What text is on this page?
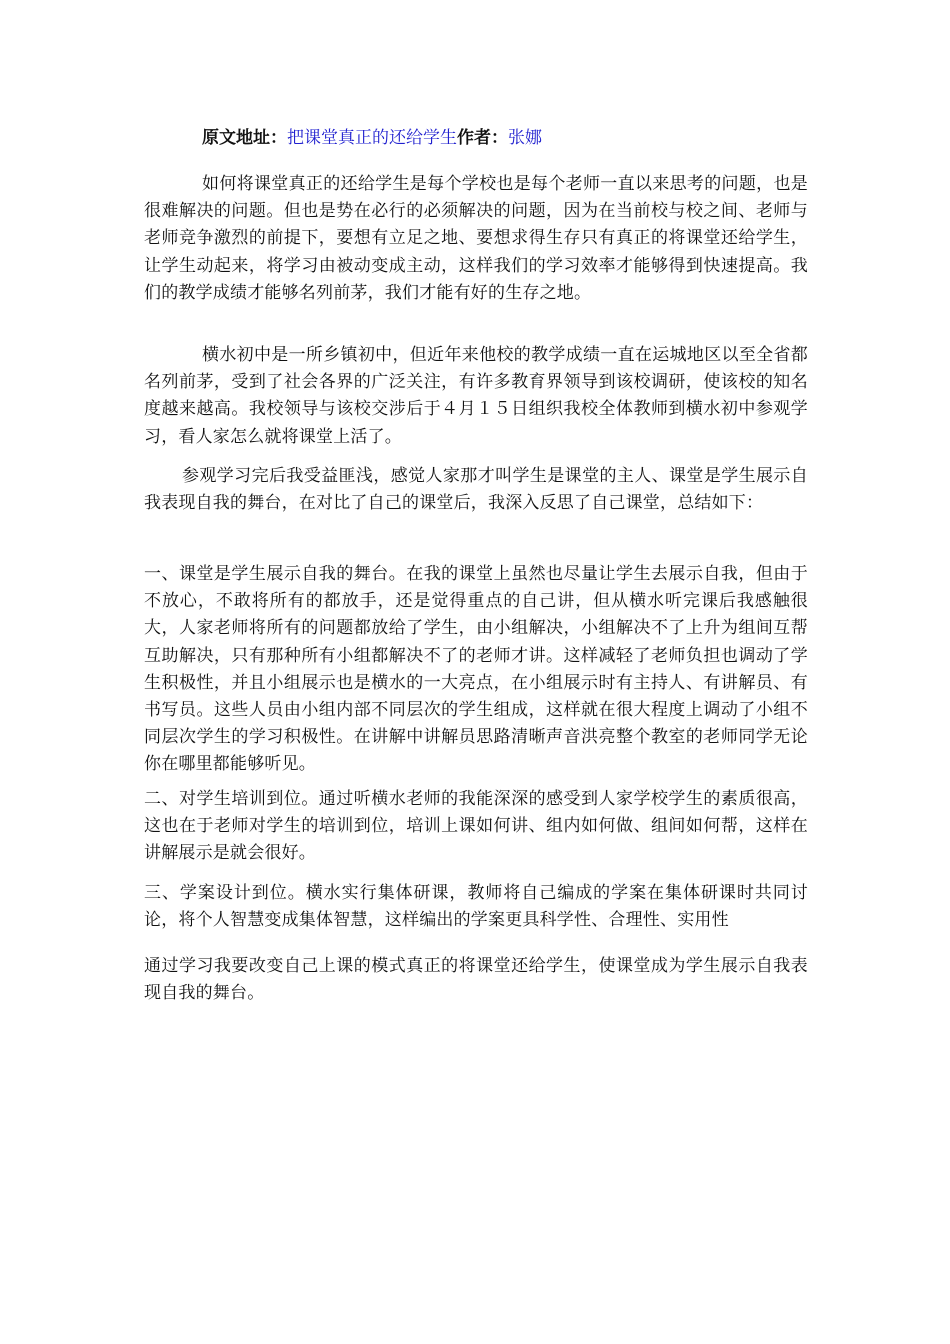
原文地址：把课堂真正的还给学生作者：张娜

如何将课堂真正的还给学生是每个学校也是每个老师一直以来思考的问题，也是很难解决的问题。但也是势在必行的必须解决的问题，因为在当前校与校之间、老师与老师竞争激烈的前提下，要想有立足之地、要想求得生存只有真正的将课堂还给学生，让学生动起来，将学习由被动变成主动，这样我们的学习效率才能够得到快速提高。我们的教学成绩才能够名列前茅，我们才能有好的生存之地。

横水初中是一所乡镇初中，但近年来他校的教学成绩一直在运城地区以至全省都名列前茅，受到了社会各界的广泛关注，有许多教育界领导到该校调研，使该校的知名度越来越高。我校领导与该校交涉后于４月１５日组织我校全体教师到横水初中参观学习，看人家怎么就将课堂上活了。

参观学习完后我受益匪浅，感觉人家那才叫学生是课堂的主人、课堂是学生展示自我表现自我的舞台，在对比了自己的课堂后，我深入反思了自己课堂，总结如下：

一、课堂是学生展示自我的舞台。在我的课堂上虽然也尽量让学生去展示自我，但由于不放心，不敢将所有的都放手，还是觉得重点的自己讲，但从横水听完课后我感触很大，人家老师将所有的问题都放给了学生，由小组解决，小组解决不了上升为组间互帮互助解决，只有那种所有小组都解决不了的老师才讲。这样减轻了老师负担也调动了学生积极性，并且小组展示也是横水的一大亮点，在小组展示时有主持人、有讲解员、有书写员。这些人员由小组内部不同层次的学生组成，这样就在很大程度上调动了小组不同层次学生的学习积极性。在讲解中讲解员思路清晰声音洪亮整个教室的老师同学无论你在哪里都能够听见。

二、对学生培训到位。通过听横水老师的我能深深的感受到人家学校学生的素质很高，这也在于老师对学生的培训到位，培训上课如何讲、组内如何做、组间如何帮，这样在讲解展示是就会很好。

三、学案设计到位。横水实行集体研课，教师将自己编成的学案在集体研课时共同讨论，将个人智慧变成集体智慧，这样编出的学案更具科学性、合理性、实用性

通过学习我要改变自己上课的模式真正的将课堂还给学生，使课堂成为学生展示自我表现自我的舞台。
